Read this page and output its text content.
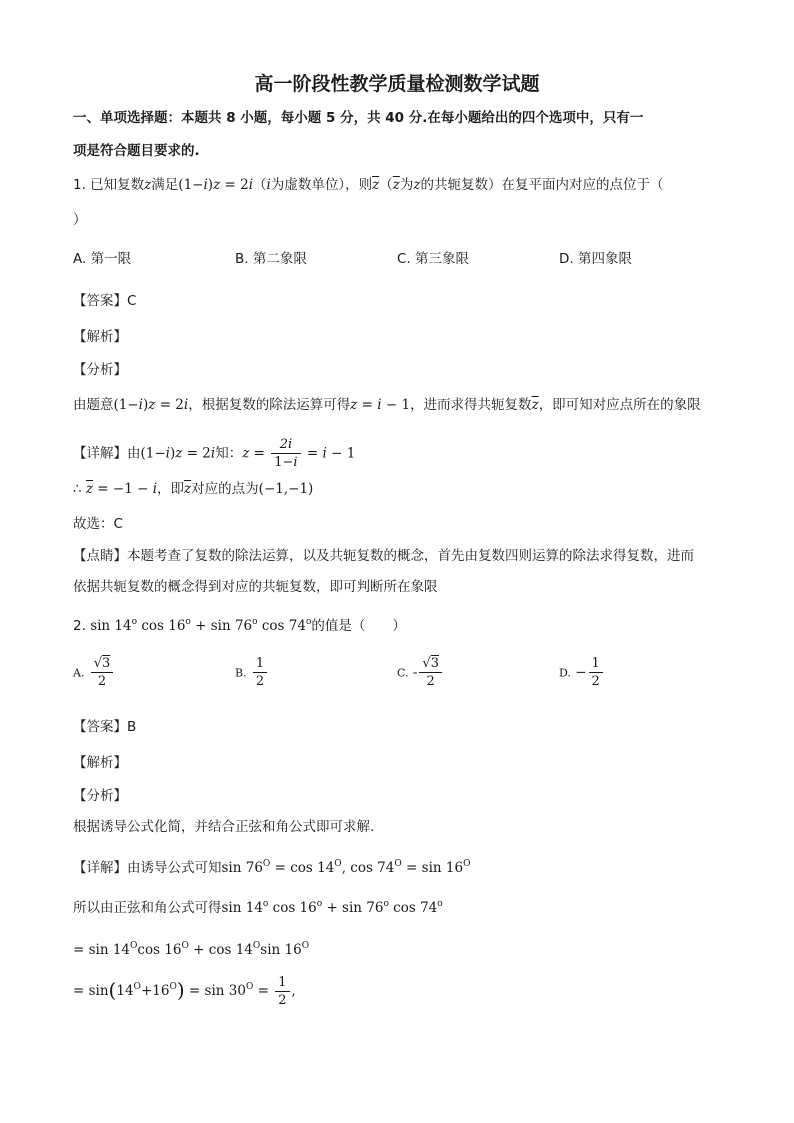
高一阶段性教学质量检测数学试题
一、单项选择题：本题共 8 小题，每小题 5 分，共 40 分.在每小题给出的四个选项中，只有一
项是符合题目要求的.
1. 已知复数z满足(1−i)z = 2i（i为虚数单位），则$\overline{z}(\overline{z}$为z的共轭复数）在复平面内对应的点位于（
）
A. 第一限	B. 第二象限	C. 第三象限	D. 第四象限
【答案】C
【解析】
【分析】
由题意(1−i)z = 2i，根据复数的除法运算可得z = i − 1，进而求得共轭复数$\overline{z}$，即可知对应点所在的象限
【详解】由(1−i)z = 2i知：$z = \frac{2i}{1-i} = i - 1$
∴ $\overline{z} = -1 - i$，即$\overline{z}$对应的点为(−1,−1)
故选：C
【点睛】本题考查了复数的除法运算，以及共轭复数的概念，首先由复数四则运算的除法求得复数，进而
依据共轭复数的概念得到对应的共轭复数，即可判断所在象限
2. sin 14$^o$ $\cos 16^o + \sin 76^o$ cos 74$^o$的值是（　　）
A. $\frac{√3}{2}$	B. $\frac{1}{2}$	C. - $\frac{√3}{2}$	D. − $\frac{1}{2}$
【答案】B
【解析】
【分析】
根据诱导公式化简，并结合正弦和角公式即可求解.
【详解】由诱导公式可知$\sin 76^O = \cos 14^O$, $\cos 74^O = \sin 16^O$
所以由正弦和角公式可得sin 14$^o$ $\cos 16^o + \sin 76^o$ $\cos 74^o$
= $\sin 14^O\cos$ $16^O + \cos 14^O\sin$ $16^O$
= $\sin(14^O+16^O) = \sin 30^O = \frac{1}{2}$ ,
